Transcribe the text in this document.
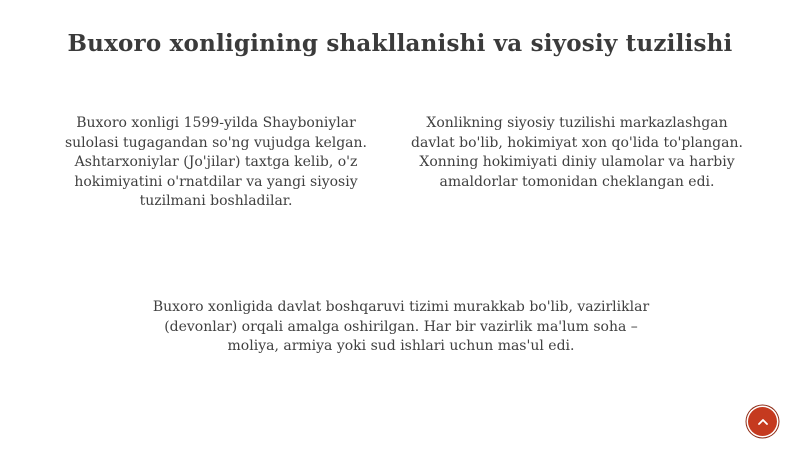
Buxoro xonligining shakllanishi va siyosiy tuzilishi

Buxoro xonligi 1599-yilda Shayboniylar sulolasi tugagandan so'ng vujudga kelgan. Ashtarxoniylar (Jo'jilar) taxtga kelib, o'z hokimiyatini o'rnatdilar va yangi siyosiy tuzilmani boshladilar.

Xonlikning siyosiy tuzilishi markazlashgan davlat bo'lib, hokimiyat xon qo'lida to'plangan. Xonning hokimiyati diniy ulamolar va harbiy amaldorlar tomonidan cheklangan edi.

Buxoro xonligida davlat boshqaruvi tizimi murakkab bo'lib, vazirliklar (devonlar) orqali amalga oshirilgan. Har bir vazirlik ma'lum soha – moliya, armiya yoki sud ishlari uchun mas'ul edi.
